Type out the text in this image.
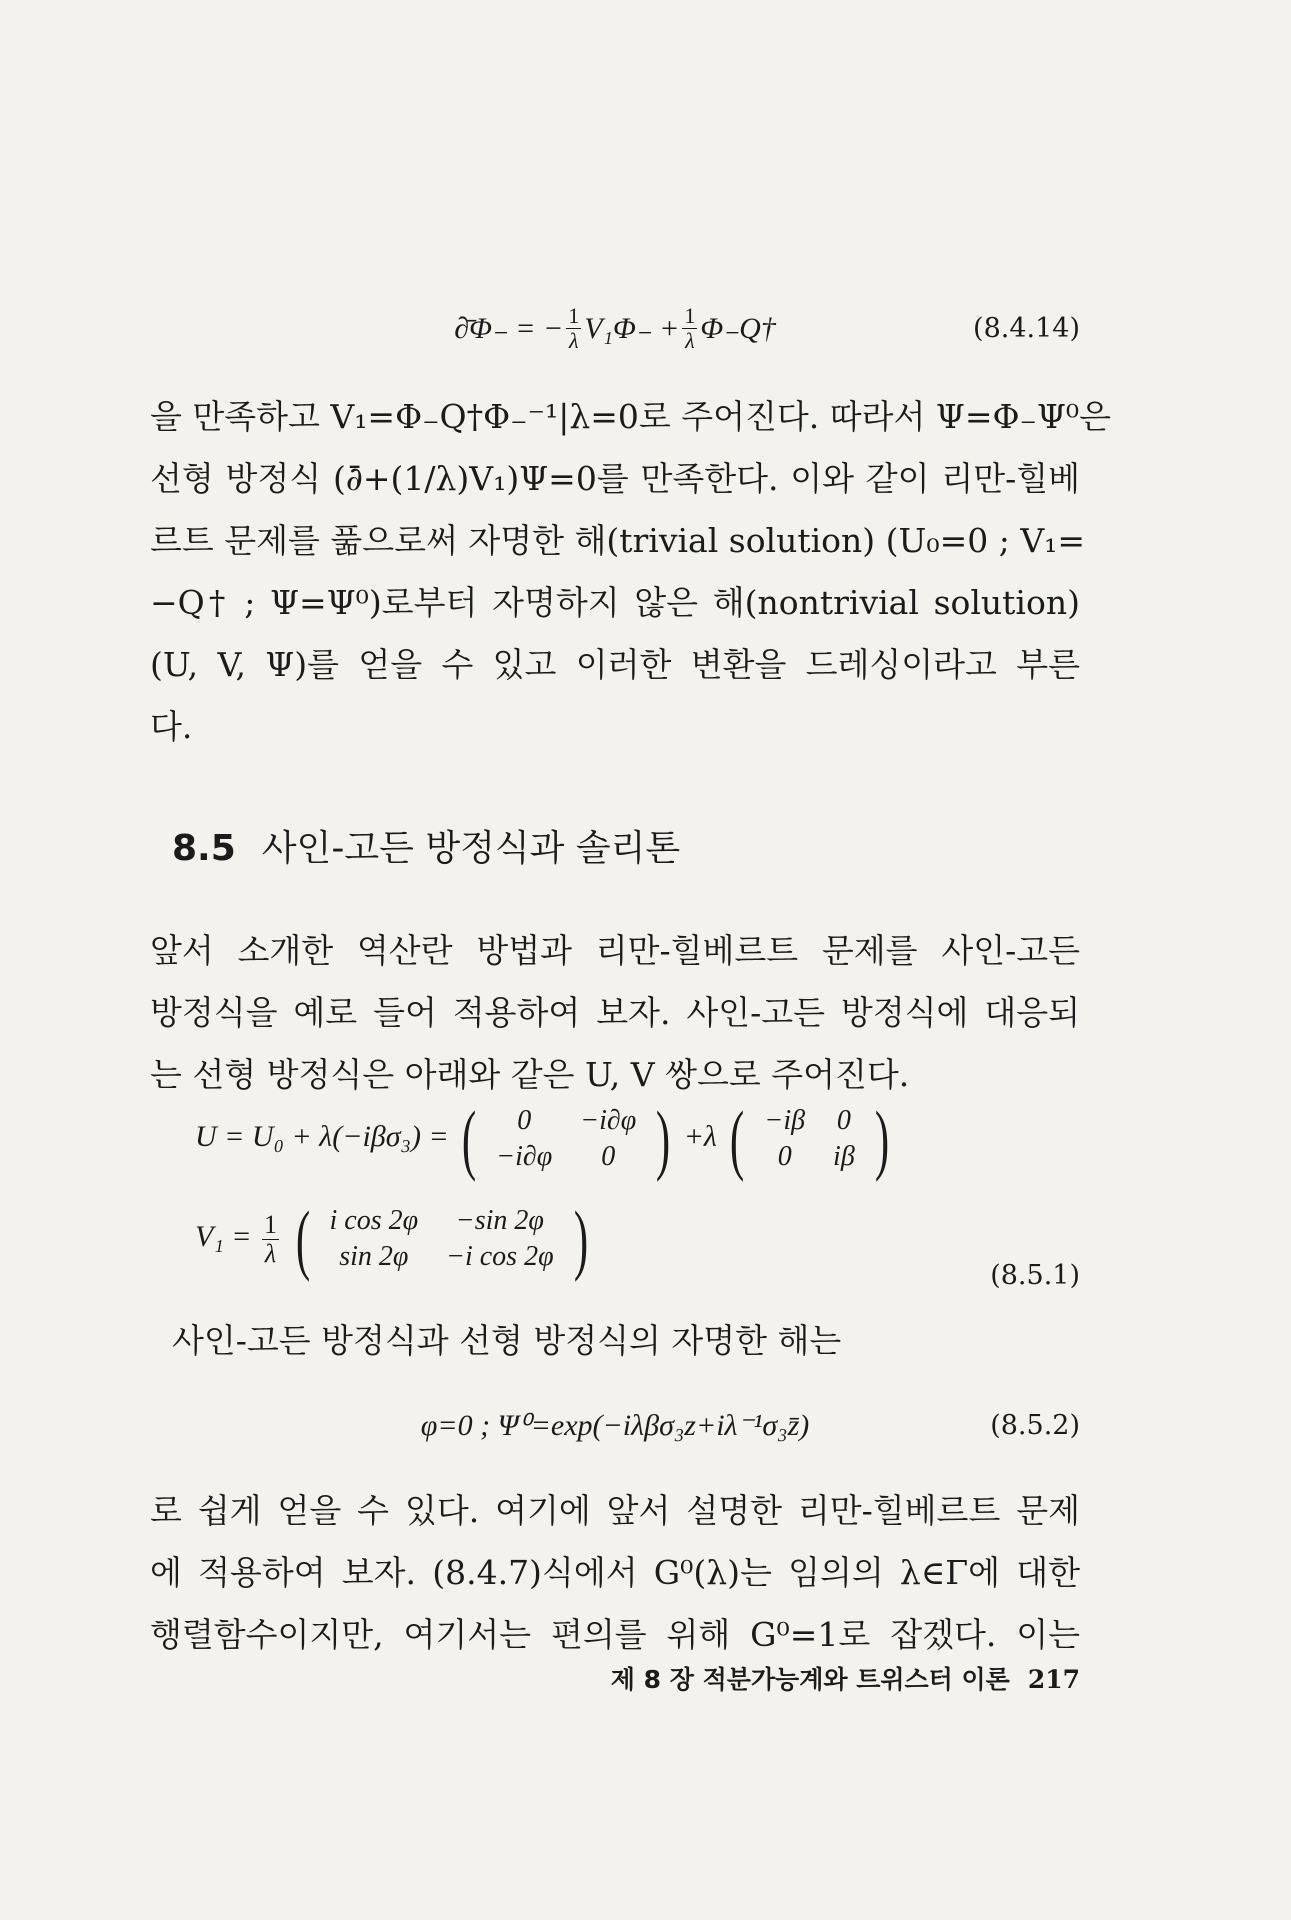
∂̄Φ₋ = − $\frac{1}{\lambda} V_1\Phi_- + \frac{1}{\lambda}$ Φ₋Q†	(8.4.14)
을 만족하고 V₁=Φ₋Q†Φ₋⁻¹|λ=0로 주어진다. 따라서 Ψ=Φ₋Ψ⁰은
선형 방정식 (∂̄+(1/λ)V₁)Ψ=0를 만족한다. 이와 같이 리만-힐베
르트 문제를 풂으로써 자명한 해(trivial solution) (U₀=0 ; V₁=
−Q† ; Ψ=Ψ⁰)로부터 자명하지 않은 해(nontrivial solution)
(U, V, Ψ)를 얻을 수 있고 이러한 변환을 드레싱이라고 부른
다.
8.5 사인-고든 방정식과 솔리톤
앞서 소개한 역산란 방법과 리만-힐베르트 문제를 사인-고든
방정식을 예로 들어 적용하여 보자. 사인-고든 방정식에 대응되
는 선형 방정식은 아래와 같은 U, V 쌍으로 주어진다.
U = U₀ + λ(−iβσ₃) = ( 0	−i∂φ
−i∂φ	0 ) +λ ( −iβ	0
0	iβ )
$V_1 = \frac{1}{\lambda}$
( i cos 2φ	−sin 2φ
sin 2φ	−i cos 2φ )	(8.5.1)
사인-고든 방정식과 선형 방정식의 자명한 해는
φ=0 ; Ψ⁰=exp(−iλβσ₃z+iλ⁻¹σ₃z̄)	(8.5.2)
로 쉽게 얻을 수 있다. 여기에 앞서 설명한 리만-힐베르트 문제
에 적용하여 보자. (8.4.7)식에서 G⁰(λ)는 임의의 λ∈Γ에 대한
행렬함수이지만, 여기서는 편의를 위해 G⁰=1로 잡겠다. 이는
제 8 장 적분가능계와 트위스터 이론 217
